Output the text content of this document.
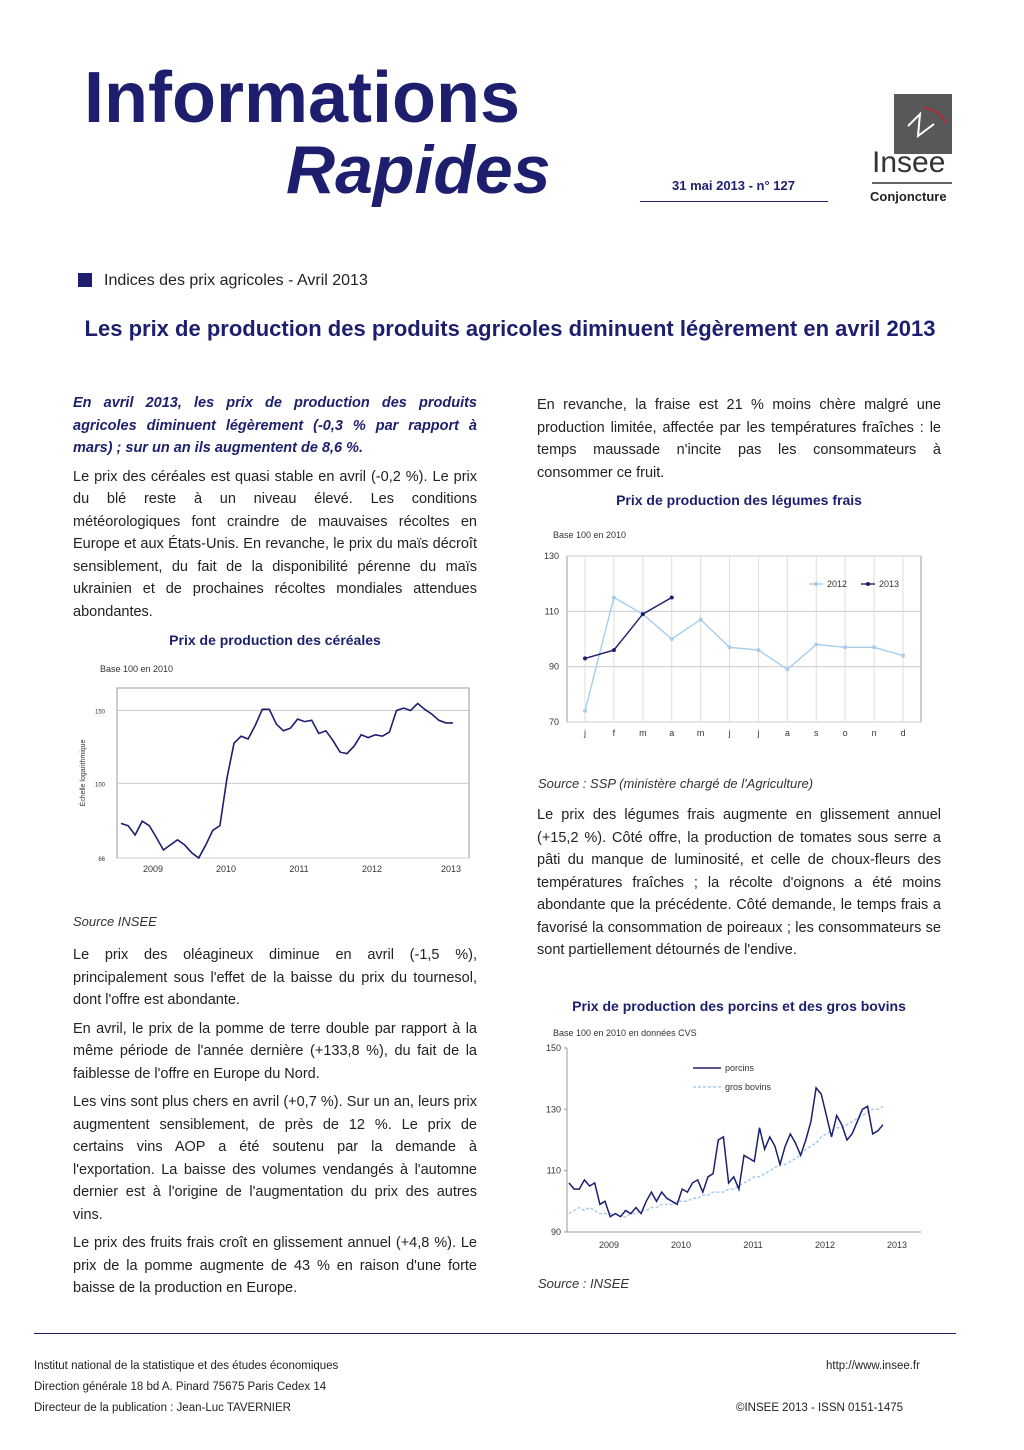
Informations
Rapides	31 mai 2013 - n° 127
Insee
Conjoncture
Indices des prix agricoles - Avril 2013
Les prix de production des produits agricoles diminuent légèrement en avril 2013

En avril 2013, les prix de production des produits agricoles diminuent légèrement (-0,3 % par rapport à mars) ; sur un an ils augmentent de 8,6 %.

Le prix des céréales est quasi stable en avril (-0,2 %). Le prix du blé reste à un niveau élevé. Les conditions météorologiques font craindre de mauvaises récoltes en Europe et aux États-Unis. En revanche, le prix du maïs décroît sensiblement, du fait de la disponibilité pérenne du maïs ukrainien et de prochaines récoltes mondiales attendues abondantes.

Prix de production des céréales
Base 100 en 2010
66
100
150
2009	2010	2011	2012	2013
Échelle logarithmique
Source INSEE

Le prix des oléagineux diminue en avril (-1,5 %), principalement sous l'effet de la baisse du prix du tournesol, dont l'offre est abondante.

En avril, le prix de la pomme de terre double par rapport à la même période de l'année dernière (+133,8 %), du fait de la faiblesse de l'offre en Europe du Nord.

Les vins sont plus chers en avril (+0,7 %). Sur un an, leurs prix augmentent sensiblement, de près de 12 %. Le prix de certains vins AOP a été soutenu par la demande à l'exportation. La baisse des volumes vendangés à l'automne dernier est à l'origine de l'augmentation du prix des autres vins.

Le prix des fruits frais croît en glissement annuel (+4,8 %). Le prix de la pomme augmente de 43 % en raison d'une forte baisse de la production en Europe.

En revanche, la fraise est 21 % moins chère malgré une production limitée, affectée par les températures fraîches : le temps maussade n'incite pas les consommateurs à consommer ce fruit.

Prix de production des légumes frais
Base 100 en 2010
70
90
110
130
j	f	m	a	m	j	j	a	s	o	n	d
2012	2013
Source : SSP (ministère chargé de l'Agriculture)

Le prix des légumes frais augmente en glissement annuel (+15,2 %). Côté offre, la production de tomates sous serre a pâti du manque de luminosité, et celle de choux-fleurs des températures fraîches ; la récolte d'oignons a été moins abondante que la précédente. Côté demande, le temps frais a favorisé la consommation de poireaux ; les consommateurs se sont partiellement détournés de l'endive.

Prix de production des porcins et des gros bovins
Base 100 en 2010 en données CVS
90
110
130
150
2009	2010	2011	2012	2013
porcins
gros bovins
Source : INSEE
Institut national de la statistique et des études économiques
Direction générale 18 bd A. Pinard 75675 Paris Cedex 14
Directeur de la publication : Jean-Luc TAVERNIER
http://www.insee.fr
©INSEE 2013 - ISSN 0151-1475
